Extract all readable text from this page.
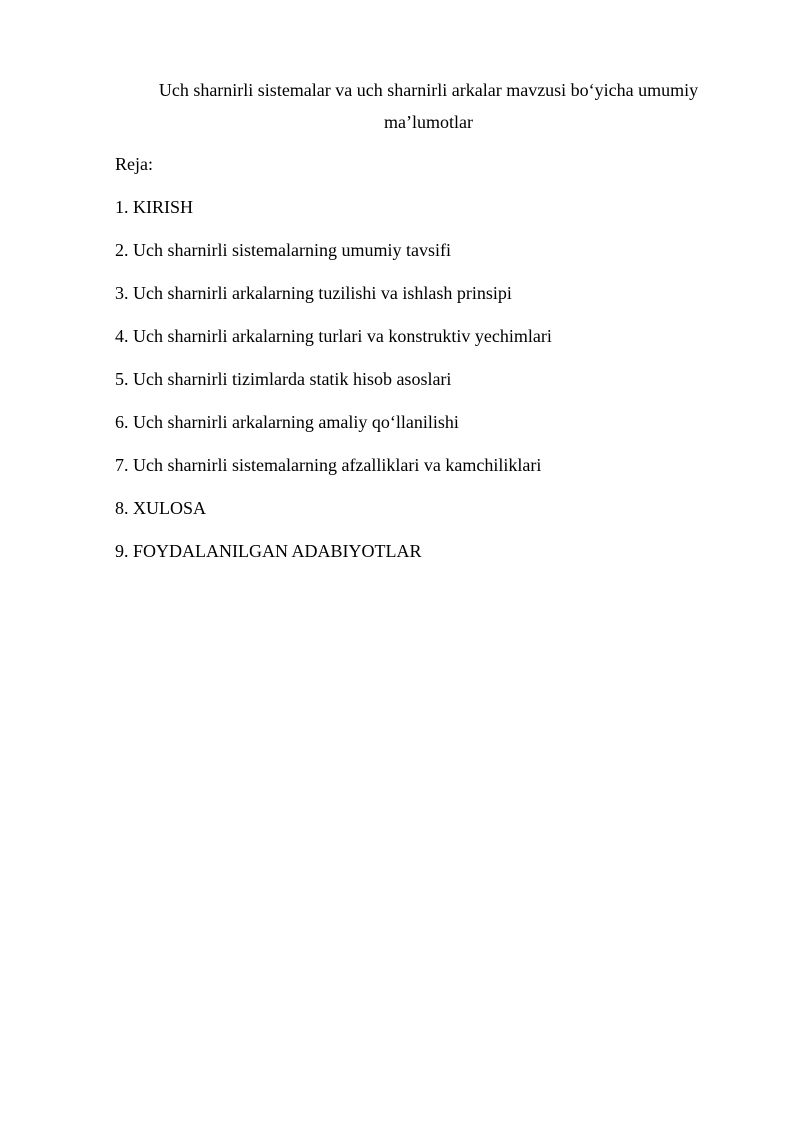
Uch sharnirli sistemalar va uch sharnirli arkalar mavzusi bo‘yicha umumiy
ma’lumotlar
Reja:
1. KIRISH
2. Uch sharnirli sistemalarning umumiy tavsifi
3. Uch sharnirli arkalarning tuzilishi va ishlash prinsipi
4. Uch sharnirli arkalarning turlari va konstruktiv yechimlari
5. Uch sharnirli tizimlarda statik hisob asoslari
6. Uch sharnirli arkalarning amaliy qo‘llanilishi
7. Uch sharnirli sistemalarning afzalliklari va kamchiliklari
8. XULOSA
9. FOYDALANILGAN ADABIYOTLAR
